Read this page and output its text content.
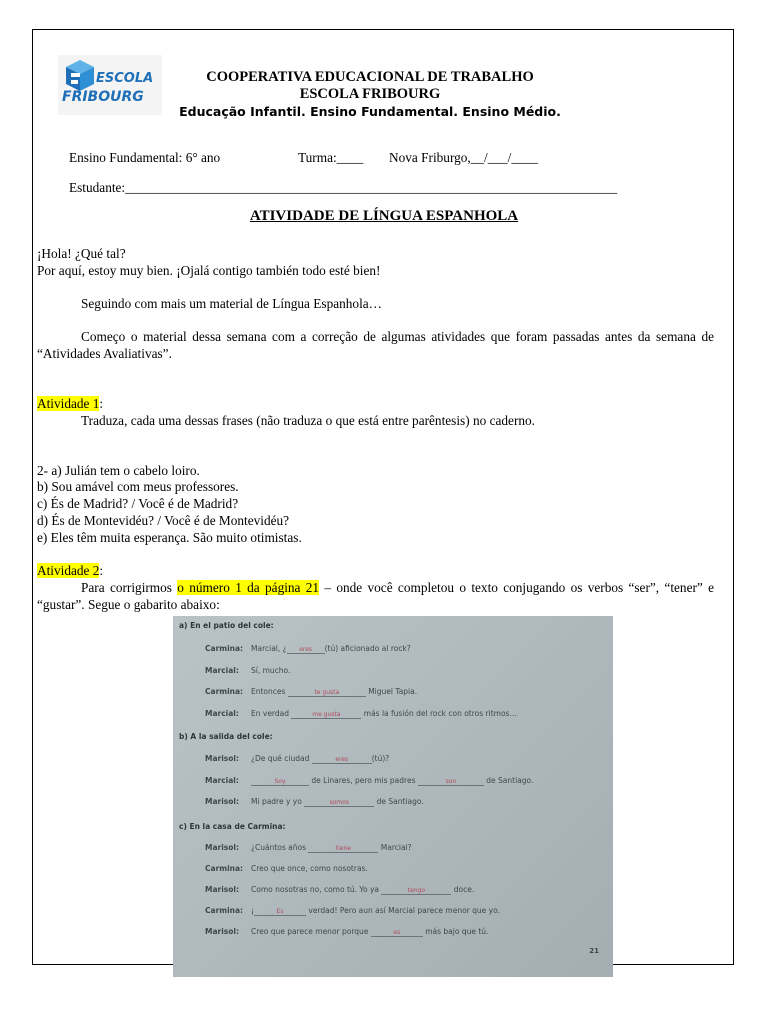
ESCOLA
FRIBOURG
COOPERATIVA EDUCACIONAL DE TRABALHO
ESCOLA FRIBOURG
Educação Infantil. Ensino Fundamental. Ensino Médio.
Ensino Fundamental: 6° ano	Turma:____ Nova Friburgo,__/___/____
Estudante:__________________________________________________________________________
ATIVIDADE DE LÍNGUA ESPANHOLA
¡Hola! ¿Qué tal?
Por aquí, estoy muy bien. ¡Ojalá contigo también todo esté bien!
Seguindo com mais um material de Língua Espanhola…
Começo o material dessa semana com a correção de algumas atividades que foram passadas antes da semana de “Atividades Avaliativas”.
Atividade 1:
Traduza, cada uma dessas frases (não traduza o que está entre parêntesis) no caderno.
2- a) Julián tem o cabelo loiro.
b) Sou amável com meus professores.
c) És de Madrid? / Você é de Madrid?
d) És de Montevidéu? / Você é de Montevidéu?
e) Eles têm muita esperança. São muito otimistas.
Atividade 2:
Para corrigirmos o número 1 da página 21 – onde você completou o texto conjugando os verbos “ser”, “tener” e “gustar”. Segue o gabarito abaixo:
a) En el patio del cole:
Carmina: Marcial, ¿ eres (tú) aficionado al rock?
Marcial: Sí, mucho.
Carmina: Entonces	te gusta	Miguel Tapia.
Marcial: En verdad	me gusta	más la fusión del rock con otros ritmos…
b) A la salida del cole:
Marisol: ¿De qué ciudad	eres	(tú)?
Marcial:	Soy	de Linares, pero mis padres	son	de Santiago.
Marisol: Mi padre y yo	somos	de Santiago.
c) En la casa de Carmina:
Marisol: ¿Cuántos años	tiene	Marcial?
Carmina: Creo que once, como nosotras.
Marisol: Como nosotras no, como tú. Yo ya	tengo	doce.
Carmina: ¡	Es	verdad! Pero aun así Marcial parece menor que yo.
Marisol: Creo que parece menor porque	es	más bajo que tú.
21
